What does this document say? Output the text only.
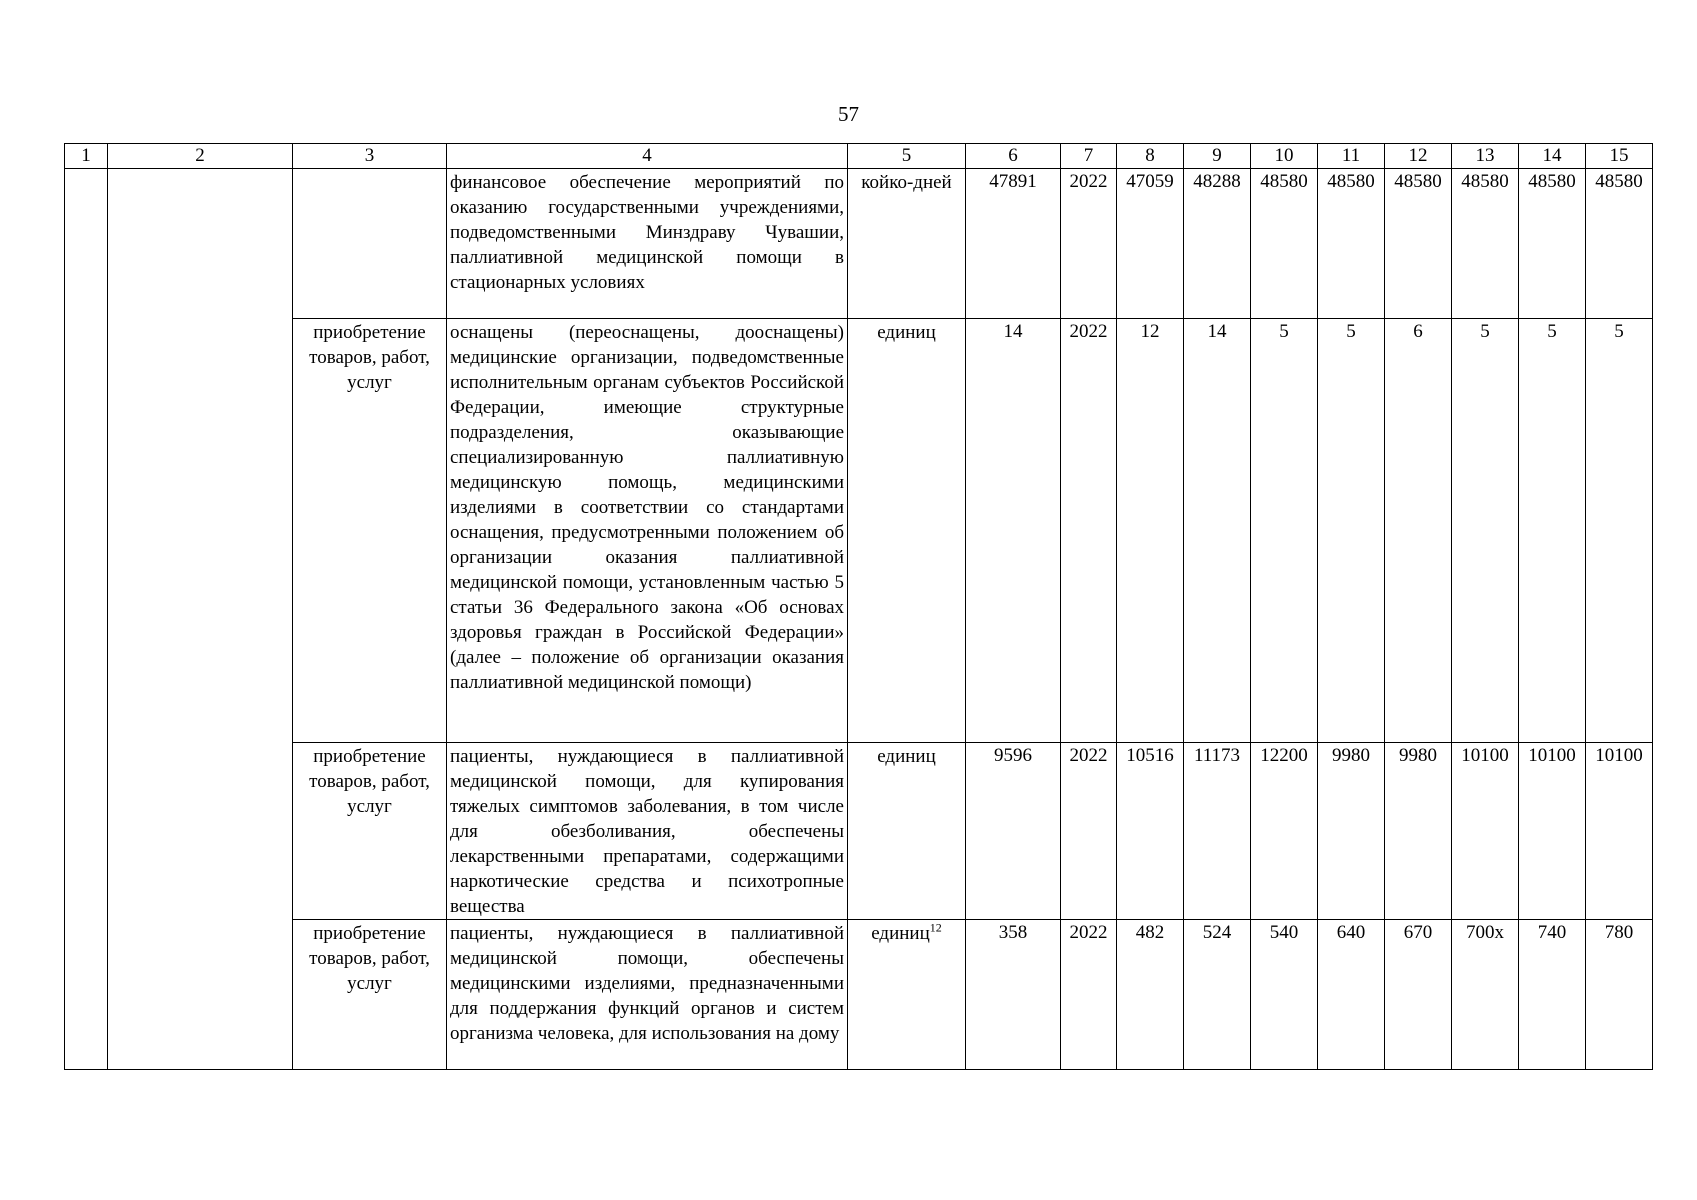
57
1	2	3	4	5	6	7	8	9	10	11	12	13	14	15
			финансовое обеспечение мероприятий по оказанию государственными учреждениями, подведомственными Минздраву Чувашии, паллиативной медицинской помощи в стационарных условиях	койко-дней	47891	2022	47059	48288	48580	48580	48580	48580	48580	48580
		приобретение товаров, работ, услуг	оснащены (переоснащены, дооснащены) медицинские организации, подведомственные исполнительным органам субъектов Российской Федерации, имеющие структурные подразделения, оказывающие специализированную паллиативную медицинскую помощь, медицинскими изделиями в соответствии со стандартами оснащения, предусмотренными положением об организации оказания паллиативной медицинской помощи, установленным частью 5 статьи 36 Федерального закона «Об основах здоровья граждан в Российской Федерации» (далее – положение об организации оказания паллиативной медицинской помощи)	единиц	14	2022	12	14	5	5	6	5	5	5
		приобретение товаров, работ, услуг	пациенты, нуждающиеся в паллиативной медицинской помощи, для купирования тяжелых симптомов заболевания, в том числе для обезболивания, обеспечены лекарственными препаратами, содержащими наркотические средства и психотропные вещества	единиц	9596	2022	10516	11173	12200	9980	9980	10100	10100	10100
		приобретение товаров, работ, услуг	пациенты, нуждающиеся в паллиативной медицинской помощи, обеспечены медицинскими изделиями, предназначенными для поддержания функций органов и систем организма человека, для использования на дому	единиц$^{12}$	358	2022	482	524	540	640	670	700x	740	780
